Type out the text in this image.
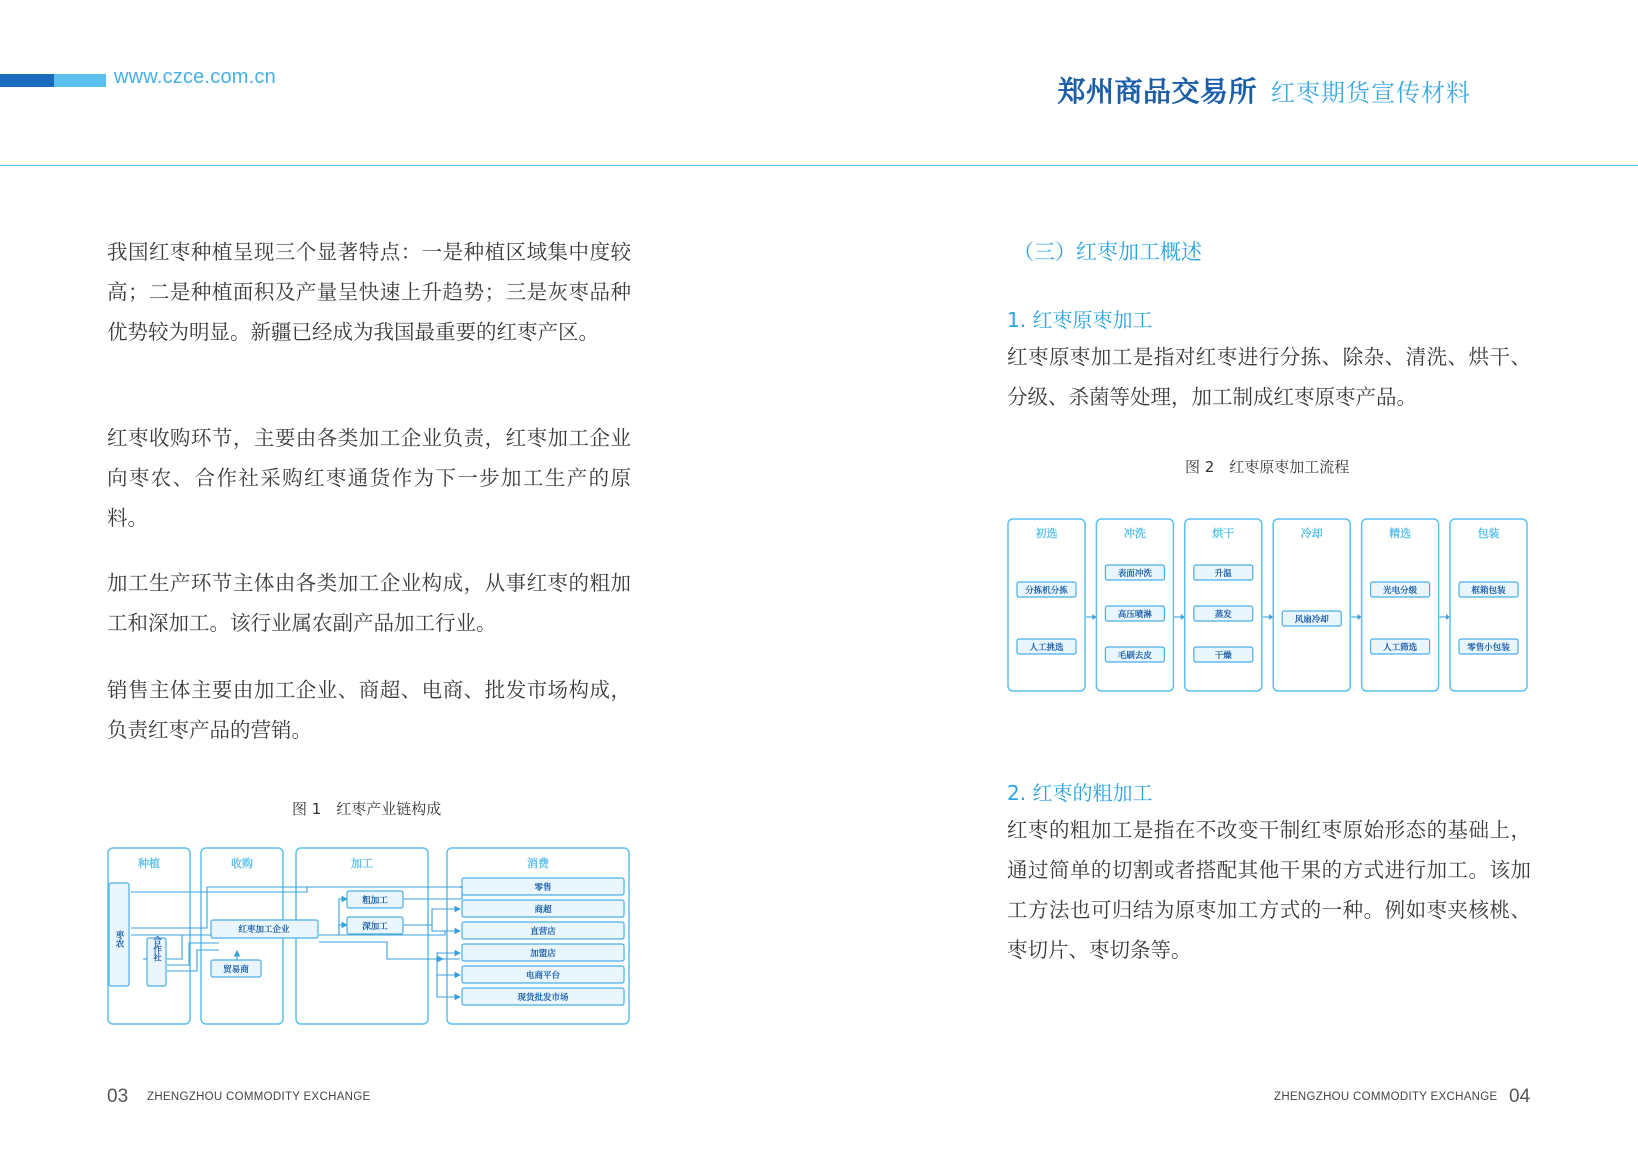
www.czce.com.cn	郑州商品交易所 红枣期货宣传材料

我国红枣种植呈现三个显著特点：一是种植区域集中度较高；二是种植面积及产量呈快速上升趋势；三是灰枣品种优势较为明显。新疆已经成为我国最重要的红枣产区。

红枣收购环节，主要由各类加工企业负责，红枣加工企业向枣农、合作社采购红枣通货作为下一步加工生产的原料。

加工生产环节主体由各类加工企业构成，从事红枣的粗加工和深加工。该行业属农副产品加工行业。

销售主体主要由加工企业、商超、电商、批发市场构成，负责红枣产品的营销。

图 1　红枣产业链构成
种植	收购	加工	消费
枣农	合作社
红枣加工企业
贸易商
粗加工
深加工
零售
商超
直营店
加盟店
电商平台
现货批发市场
（三）红枣加工概述
1. 红枣原枣加工

红枣原枣加工是指对红枣进行分拣、除杂、清洗、烘干、分级、杀菌等处理，加工制成红枣原枣产品。

图 2　红枣原枣加工流程
初选
分拣机分拣
人工挑选
冲洗
表面冲洗
高压喷淋
毛刷去皮
烘干
升温
蒸发
干燥
冷却
风扇冷却
精选
光电分级
人工筛选
包装
框箱包装
零售小包装
2. 红枣的粗加工

红枣的粗加工是指在不改变干制红枣原始形态的基础上，通过简单的切割或者搭配其他干果的方式进行加工。该加工方法也可归结为原枣加工方式的一种。例如枣夹核桃、枣切片、枣切条等。

03 ZHENGZHOU COMMODITY EXCHANGE	ZHENGZHOU COMMODITY EXCHANGE 04
